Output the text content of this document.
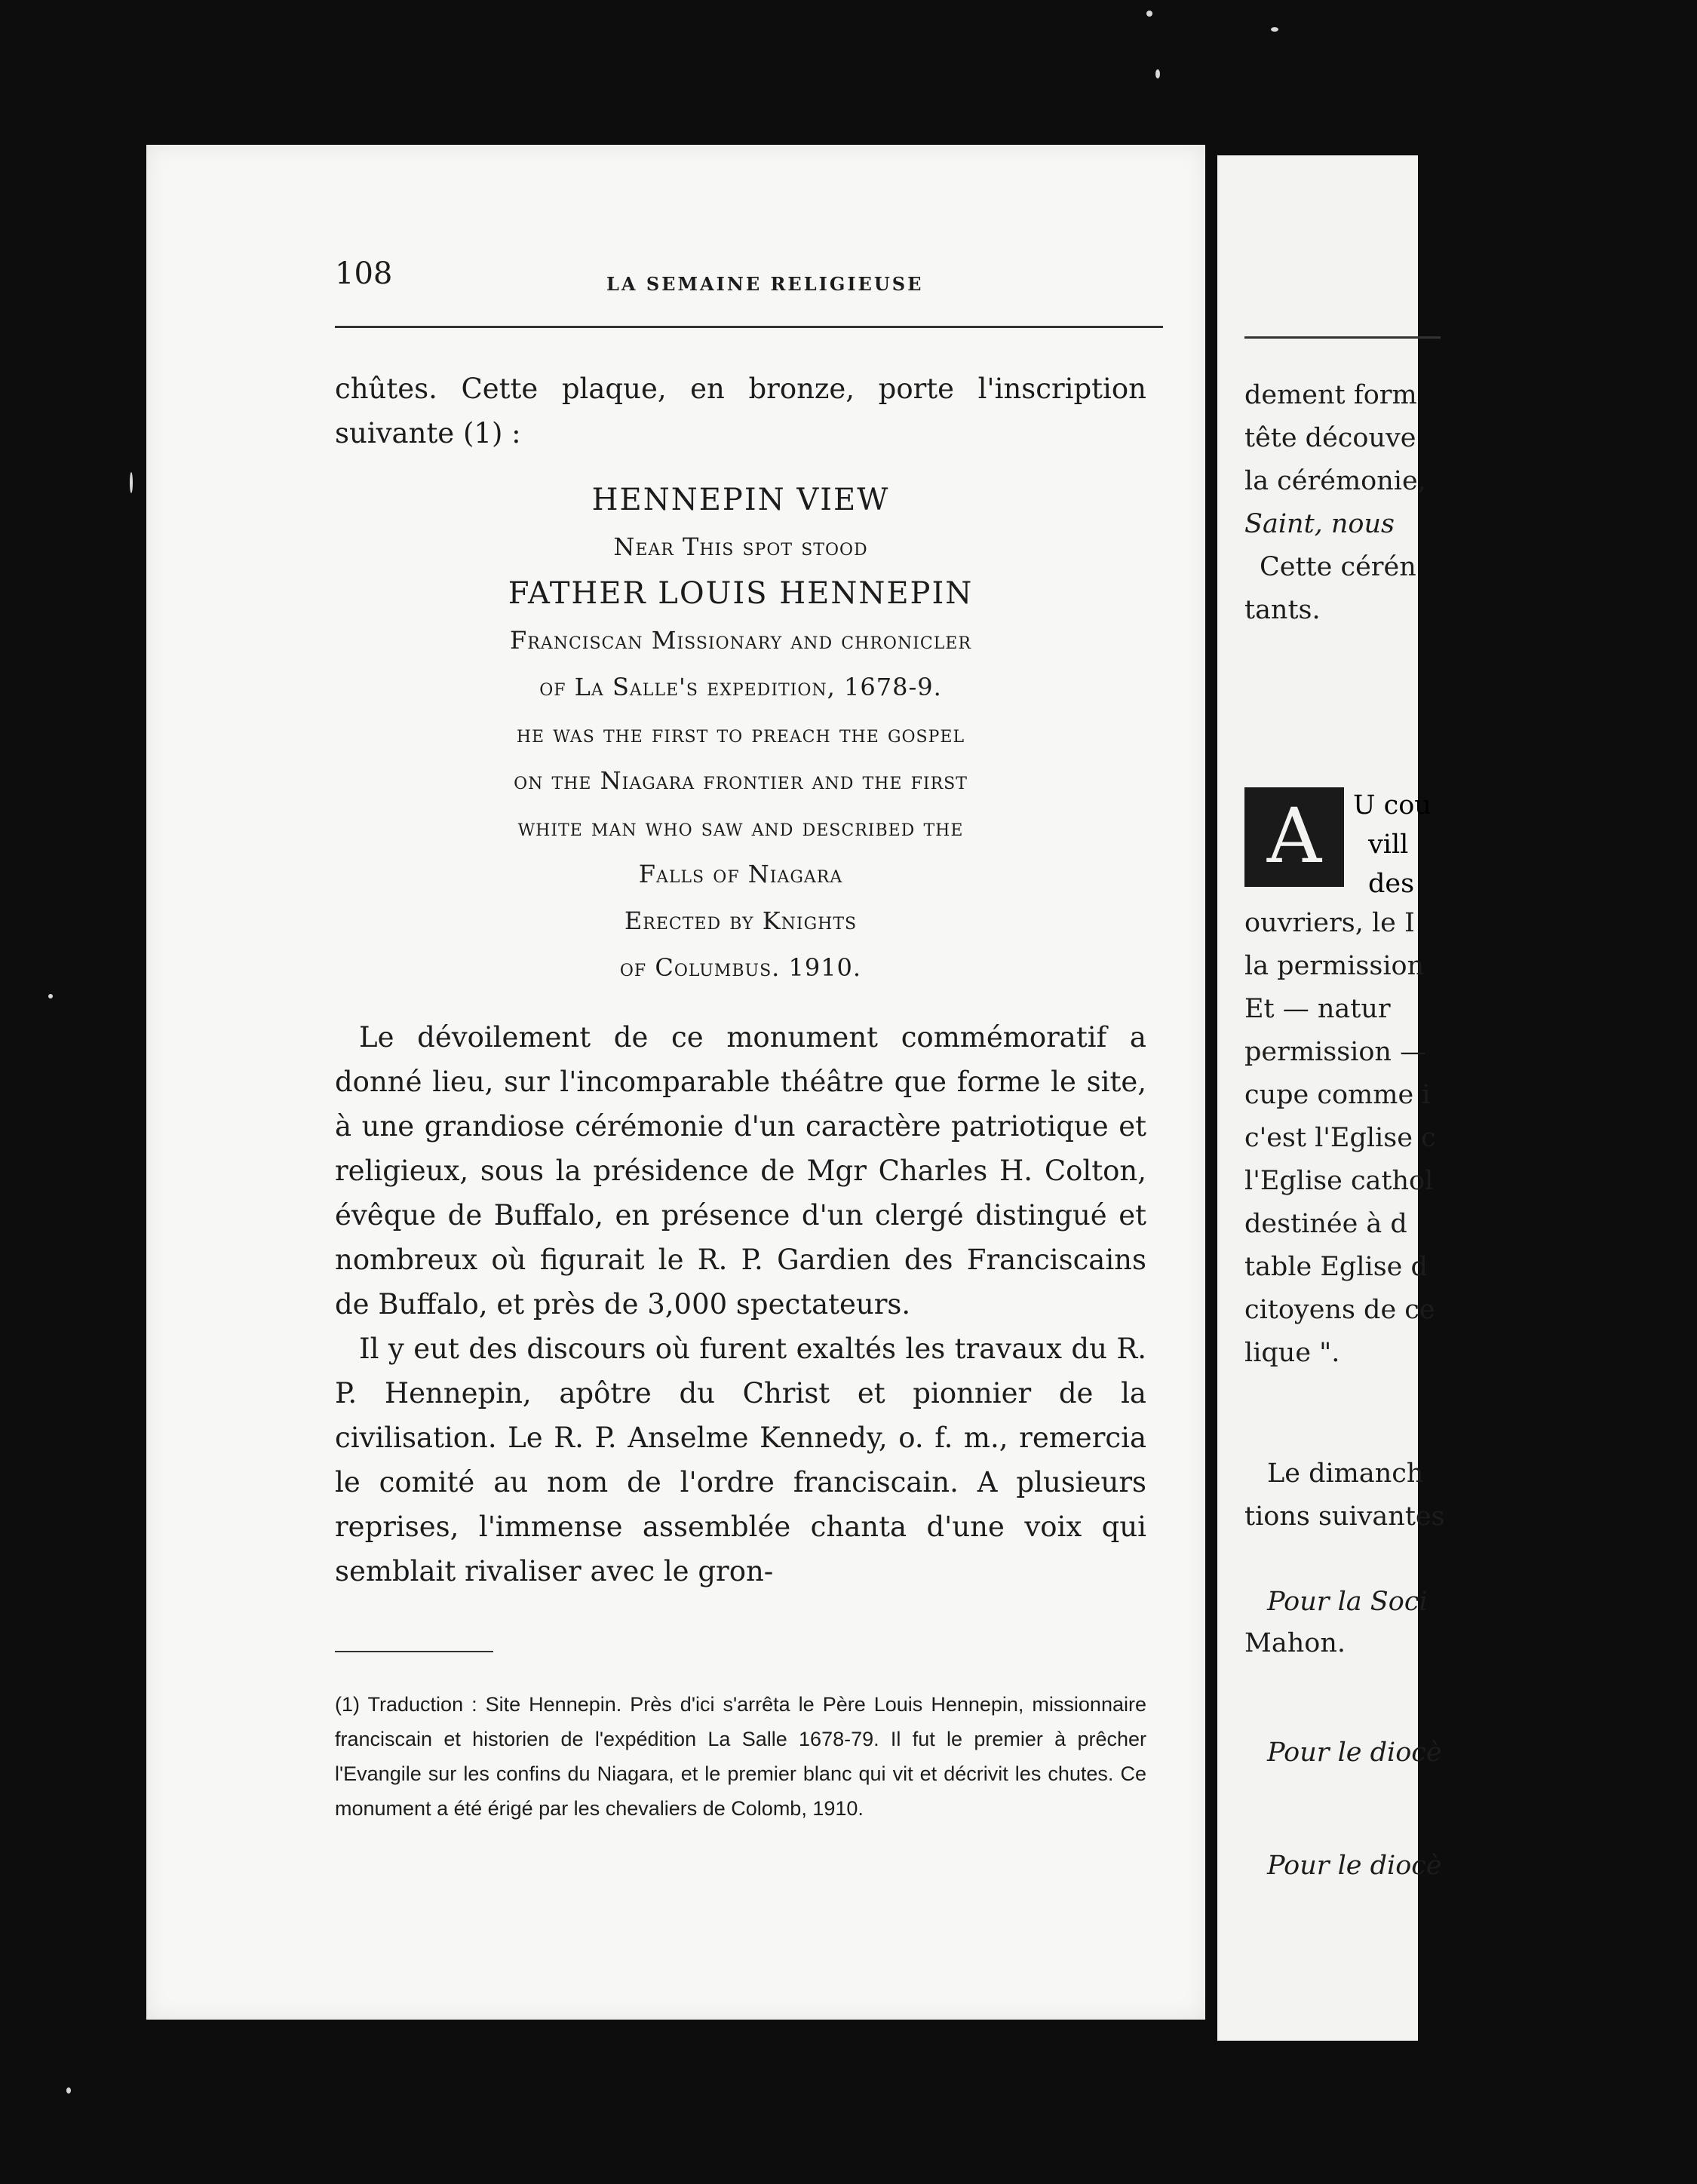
108	LA SEMAINE RELIGIEUSE

chûtes. Cette plaque, en bronze, porte l'inscription suivante (1) :

HENNEPIN VIEW
Near This spot stood
FATHER LOUIS HENNEPIN
Franciscan Missionary and chronicler
of La Salle's expedition, 1678-9.
he was the first to preach the gospel
on the Niagara frontier and the first
white man who saw and described the
Falls of Niagara
Erected by Knights
of Columbus. 1910.

Le dévoilement de ce monument commémoratif a donné lieu, sur l'incomparable théâtre que forme le site, à une grandiose cérémonie d'un caractère patriotique et religieux, sous la présidence de Mgr Charles H. Colton, évêque de Buffalo, en présence d'un clergé distingué et nombreux où figurait le R. P. Gardien des Franciscains de Buffalo, et près de 3,000 spectateurs.

Il y eut des discours où furent exaltés les travaux du R. P. Hennepin, apôtre du Christ et pionnier de la civilisation. Le R. P. Anselme Kennedy, o. f. m., remercia le comité au nom de l'ordre franciscain. A plusieurs reprises, l'immense assemblée chanta d'une voix qui semblait rivaliser avec le gron-

(1) Traduction : Site Hennepin. Près d'ici s'arrêta le Père Louis Hennepin, missionnaire franciscain et historien de l'expédition La Salle 1678-79. Il fut le premier à prêcher l'Evangile sur les confins du Niagara, et le premier blanc qui vit et décrivit les chutes. Ce monument a été érigé par les chevaliers de Colomb, 1910.

dement form
tête découve
la cérémonie,
Saint, nous
Cette cérén
tants.
A	U cou
vill
des
ouvriers, le I
la permission
Et — natur
permission —
cupe comme i
c'est l'Eglise c
l'Eglise cathol
destinée à d
table Eglise d
citoyens de ce
lique ".
Le dimanch
tions suivantes
Pour la Soci
Mahon.
Pour le diocè
Pour le diocè
